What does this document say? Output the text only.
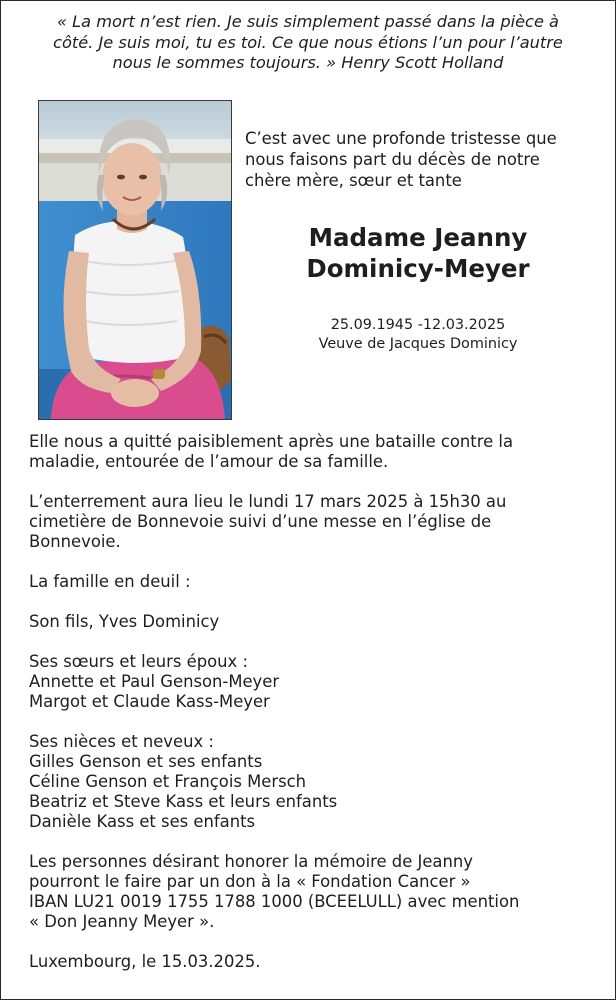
« La mort n’est rien. Je suis simplement passé dans la pièce à
côté. Je suis moi, tu es toi. Ce que nous étions l’un pour l’autre
nous le sommes toujours. » Henry Scott Holland
C’est avec une profonde tristesse que
nous faisons part du décès de notre
chère mère, sœur et tante
Madame Jeanny
Dominicy-Meyer
25.09.1945 -12.03.2025
Veuve de Jacques Dominicy

Elle nous a quitté paisiblement après une bataille contre la

maladie, entourée de l’amour de sa famille.

L’enterrement aura lieu le lundi 17 mars 2025 à 15h30 au

cimetière de Bonnevoie suivi d’une messe en l’église de

Bonnevoie.

La famille en deuil :

Son fils, Yves Dominicy

Ses sœurs et leurs époux :

Annette et Paul Genson-Meyer

Margot et Claude Kass-Meyer

Ses nièces et neveux :

Gilles Genson et ses enfants

Céline Genson et François Mersch

Beatriz et Steve Kass et leurs enfants

Danièle Kass et ses enfants

Les personnes désirant honorer la mémoire de Jeanny

pourront le faire par un don à la « Fondation Cancer »

IBAN LU21 0019 1755 1788 1000 (BCEELULL) avec mention

« Don Jeanny Meyer ».

Luxembourg, le 15.03.2025.
